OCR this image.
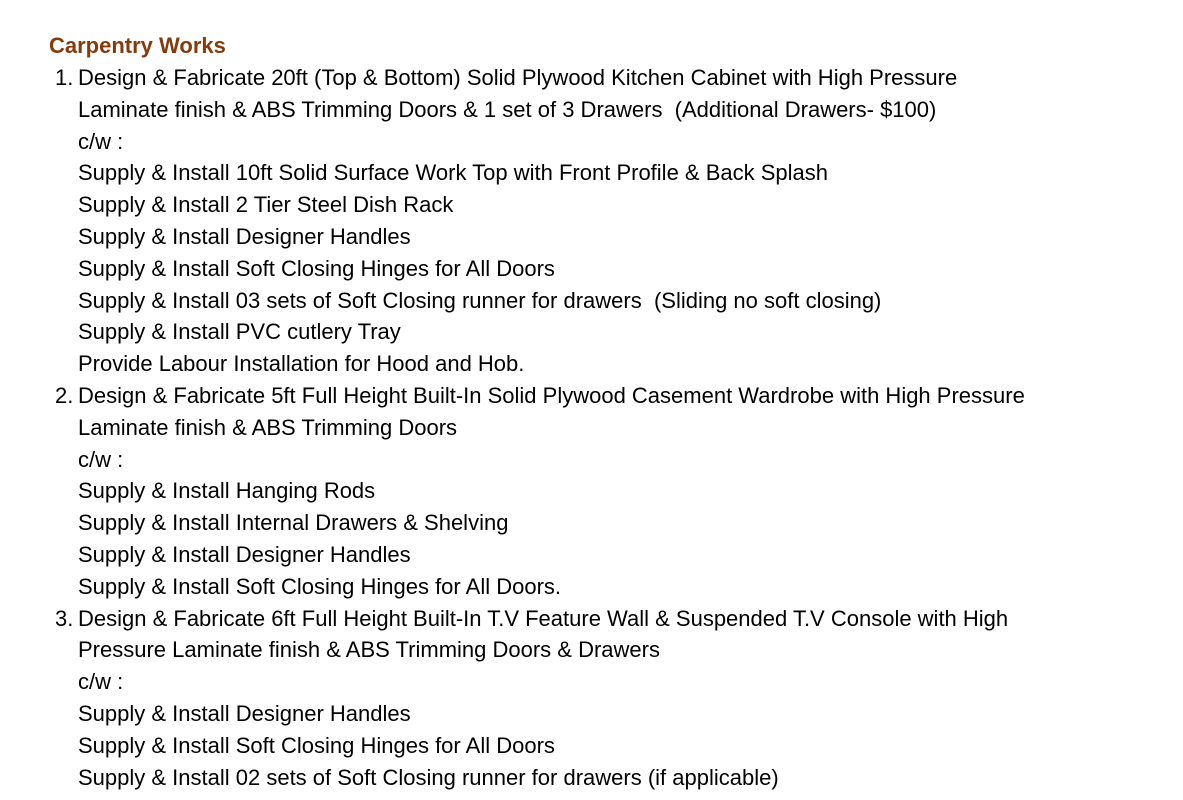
Carpentry Works
1. Design & Fabricate 20ft (Top & Bottom) Solid Plywood Kitchen Cabinet with High Pressure
Laminate finish & ABS Trimming Doors & 1 set of 3 Drawers  (Additional Drawers- $100)
c/w :
Supply & Install 10ft Solid Surface Work Top with Front Profile & Back Splash
Supply & Install 2 Tier Steel Dish Rack
Supply & Install Designer Handles
Supply & Install Soft Closing Hinges for All Doors
Supply & Install 03 sets of Soft Closing runner for drawers  (Sliding no soft closing)
Supply & Install PVC cutlery Tray
Provide Labour Installation for Hood and Hob.
2. Design & Fabricate 5ft Full Height Built-In Solid Plywood Casement Wardrobe with High Pressure
Laminate finish & ABS Trimming Doors
c/w :
Supply & Install Hanging Rods
Supply & Install Internal Drawers & Shelving
Supply & Install Designer Handles
Supply & Install Soft Closing Hinges for All Doors.
3. Design & Fabricate 6ft Full Height Built-In T.V Feature Wall & Suspended T.V Console with High
Pressure Laminate finish & ABS Trimming Doors & Drawers
c/w :
Supply & Install Designer Handles
Supply & Install Soft Closing Hinges for All Doors
Supply & Install 02 sets of Soft Closing runner for drawers (if applicable)
